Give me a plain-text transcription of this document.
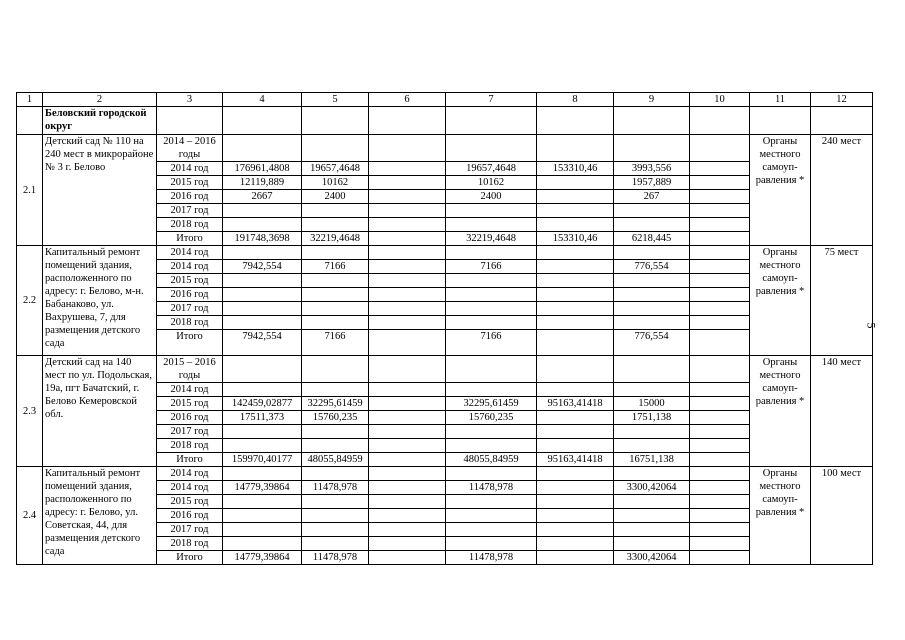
1	2	3	4	5	6	7	8	9	10	11	12
	Беловский городской округ										
2.1	Детский сад № 110 на 240 мест в микрорайоне № 3 г. Белово	2014 – 2016 годы								Органы местного самоуп-равления *	240 мест
		2014 год	176961,4808	19657,4648		19657,4648	153310,46	3993,556			
		2015 год	12119,889	10162		10162		1957,889			
		2016 год	2667	2400		2400		267			
		2017 год									
		2018 год									
		Итого	191748,3698	32219,4648		32219,4648	153310,46	6218,445			
2.2	Капитальный ремонт помещений здания, расположенного по адресу: г. Белово, м-н. Бабанаково, ул. Вахрушева, 7, для размещения детского сада	2014 год								Органы местного самоуп-равления *	75 мест
		2014 год	7942,554	7166		7166		776,554			
		2015 год									
		2016 год									
		2017 год									
		2018 год									
		Итого	7942,554	7166		7166		776,554			
2.3	Детский сад на 140 мест по ул. Подольская, 19а, пгт Бачатский, г. Белово Кемеровской обл.	2015 – 2016 годы								Органы местного самоуп-равления *	140 мест
		2014 год									
		2015 год	142459,02877	32295,61459		32295,61459	95163,41418	15000			
		2016 год	17511,373	15760,235		15760,235		1751,138			
		2017 год									
		2018 год									
		Итого	159970,40177	48055,84959		48055,84959	95163,41418	16751,138			
2.4	Капитальный ремонт помещений здания, расположенного по адресу: г. Белово, ул. Советская, 44, для размещения детского сада	2014 год								Органы местного самоуп-равления *	100 мест
		2014 год	14779,39864	11478,978		11478,978		3300,42064			
		2015 год									
		2016 год									
		2017 год									
		2018 год									
		Итого	14779,39864	11478,978		11478,978		3300,42064			
5
